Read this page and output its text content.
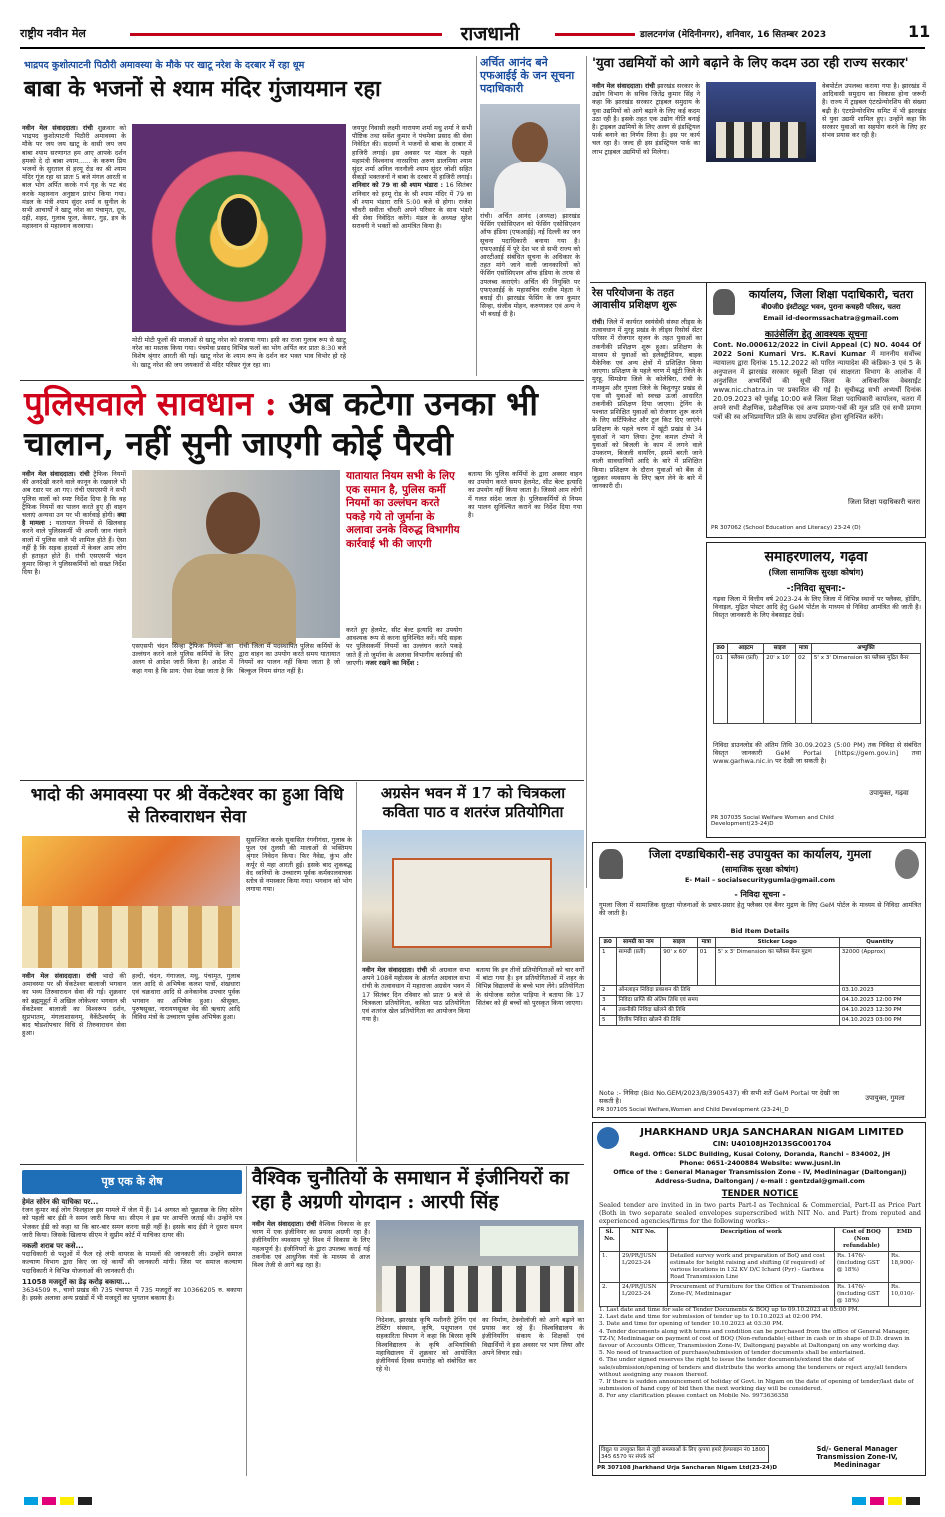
राष्ट्रीय नवीन मेल	राजधानी	डालटनगंज (मेदिनीनगर), शनिवार, 16 सितम्बर 2023	11
भाद्रपद कुशोत्पाटनी पिठौरी अमावस्या के मौके पर खाटू नरेश के दरबार में रहा धूम
बाबा के भजनों से श्याम मंदिर गुंजायमान रहा
नवीन मेल संवाददाता। रांची शुक्रवार को भाद्रपद कुशोत्पाटनी पिठौरी अमावस्या के मौके पर जय जय खाटू के वासी जय जय बाबा श्याम सरणागत हम आए आपके दर्शन हमको दे दो बाबा श्याम...... के करुण प्रिय भजनों के सुरताल से हरमू रोड का श्री श्याम मंदिर गूंज रहा था प्रातः 5 बजे मंगल आरती व बाल भोग अर्पित करके गर्भ गृह के पट बंद करके महास्नान अनुष्ठान प्रारंभ किया गया। मंडल के मंत्री श्याम सुंदर शर्मा व सुनील के सभी आचार्यों ने खाटू नरेश का पंचामृत, दूध, दही, शहद, गुलाब फूल, केसर, गुड़, इत्र के महास्नान से महास्नान करवाया।
मोटी मोटी फूलों की मालाओं से खाटू नरेश को सजाया गया। इसी का राजा गुलाब रूप से खाटू नरेश का मस्तक किया गया। पंचमेवा प्रसाद विभिन्न फलों का भोग अर्पित कर प्रातः 8:30 बजे विशेष श्रृंगार आरती की गई। खाटू नरेश के श्याम रूप के दर्शन कर भक्त भाव विभोर हो रहे थे। खाटू नरेश की जय जयकारों से मंदिर परिसर गूंज रहा था।
जयपुर निवासी लक्ष्मी नारायण शर्मा मधु शर्मा ने सभी पौष्टिक तथा सर्वेश कुमार ने पंचमेवा प्रसाद की सेवा निवेदित की। सदस्यों ने भजनों से बाबा के दरबार में हाजिरी लगाई। इस अवसर पर मंडल के पहले महामंत्री विश्वनाथ नारसरिया अरुण डालमिया श्याम सुंदर शर्मा अनिल नारनौली श्याम सुंदर जोशी सहित सैकड़ों भक्तजनों ने बाबा के दरबार में हाजिरी लगाई। शनिवार को 79 वा श्री श्याम भंडारा : 16 सितंबर शनिवार को हरमू रोड के श्री श्याम मंदिर में 79 वा श्री श्याम भंडारा रात्रि 5:00 बजे से होगा। राजेश चौधरी सवीता चौधरी अपने परिवार के साथ भंडारे की सेवा निवेदित करेंगे। मंडल के अध्यक्ष सुरेश सरावगी ने भक्तों को आमंत्रित किया है।
अर्चित आनंद बने एफआईई के जन सूचना पदाधिकारी
रांची। अर्चित आनंद (अध्यक्ष) झारखंड फेंसिंग एसोसिएशन को फेंसिंग एसोसिएशन ऑफ इंडिया (एफआईई) नई दिल्ली का जन सूचना पदाधिकारी बनाया गया है। एफएआईई में पूरे देश भर से सभी राज्य को आरटीआई संबंधित सूचना के अधिकार के तहत मांगे जाने वाली जानकारियों को फेंसिंग एसोसिएशन ऑफ इंडिया के तरफ से उपलब्ध कराएंगे। अर्चित की नियुक्ति पर एफएआईई के महासचिव राजीव मेहता ने बधाई दी। झारखंड फेंसिंग के जय कुमार सिन्हा, संजीव मोहन, करुणाकर एवं अन्य ने भी बधाई दी है।
'युवा उद्यमियों को आगे बढ़ाने के लिए कदम उठा रही राज्य सरकार'
नवीन मेल संवाददाता। रांची झारखंड सरकार के उद्योग विभाग के सचिव जितेंद्र कुमार सिंह ने कहा कि झारखंड सरकार ट्राइबल समुदाय के युवा उद्यमियों को आगे बढ़ाने के लिए कई कदम उठा रही है। इसके तहत एक उद्योग नीति बनाई है। ट्राइबल उद्यमियों के लिए अलग से इंडस्ट्रियल पार्क बनाने का निर्णय लिया है। इस पर कार्य चल रहा है। जल्द ही इस इंडस्ट्रियल पार्क का लाभ ट्राइबल उद्यमियों को मिलेगा।
वेबपोर्टल उपलब्ध कराया गया है। झारखंड में आदिवासी समुदाय का विकास होना जरूरी है। राज्य में ट्राइबल एंटरप्रेन्योरशिप की संख्या बढ़ी है। एंटरप्रेन्योरशिप समिट में भी झारखंड से युवा उद्यमी शामिल हुए। उन्होंने कहा कि सरकार युवाओं का सहयोग करने के लिए हर संभव प्रयास कर रही है।
रेस परियोजना के तहत आवासीय प्रशिक्षण शुरू
रांची। जिले में कार्यरत स्वयंसेवी संस्था लीड्स के तत्वावधान में मुरहू प्रखंड के लीड्स रिसोर्स सेंटर परिसर में रोजगार सृजन के तहत युवाओं का तकनीकी प्रशिक्षण शुरू हुआ। प्रशिक्षण के माध्यम से युवाओं को इलेक्ट्रीशियन, बाइक मैकेनिक एवं अन्य क्षेत्रों में प्रशिक्षित किया जाएगा। प्रशिक्षण के पहले चरण में खूंटी जिले के मुरहू, सिमडेगा जिले के कोलेबिरा, रांची के नामकुम और गुमला जिले के बिशुनपुर प्रखंड से एक सौ युवाओं को स्वच्छ ऊर्जा आधारित तकनीकी प्रशिक्षण दिया जाएगा। ट्रेनिंग के पश्चात प्रशिक्षित युवाओं को रोजगार शुरू करने के लिए सर्टिफिकेट और टूल किट दिए जाएंगे। प्रशिक्षण के पहले चरण में खूंटी प्रखंड से 34 युवाओं ने भाग लिया। ट्रेनर कमल टोप्पो ने युवाओं को बिजली के काम में लगने वाले उपकरण, बिजली वायरिंग, इसमें बरती जाने वाली सावधानियों आदि के बारे में प्रशिक्षित किया। प्रशिक्षण के दौरान युवाओं को बैंक से जुड़कर व्यवसाय के लिए ऋण लेने के बारे में जानकारी दी।
कार्यालय, जिला शिक्षा पदाधिकारी, चतरा
बी0जी0 इंस्टीट्यूट भवन, पुराना कचहरी परिसर, चतरा
Email id-deormssachatra@gmail.com
काउंसेलिंग हेतु आवश्यक सूचना
Cont. No.000612/2022 in Civil Appeal (C) NO. 4044 Of 2022 Soni Kumari Vrs. K.Ravi Kumar में माननीय सर्वोच्च न्यायालय द्वारा दिनांक 15.12.2022 को पारित न्यायादेश की कंडिका-3 एवं 5 के अनुपालन में झारखंड सरकार स्कूली शिक्षा एवं साक्षरता विभाग के आलोक में अनुशंसित अभ्यर्थियों की सूची जिला के अधिकारिक वेबसाईट www.nic.chatra.in पर प्रकाशित की गई है। सूचीबद्ध सभी अभ्यर्थी दिनांक 20.09.2023 को पूर्वाह्न 10:00 बजे जिला शिक्षा पदाधिकारी कार्यालय, चतरा में अपने सभी शैक्षणिक, प्रशैक्षणिक एवं अन्य प्रमाण-पत्रों की मूल प्रति एवं सभी प्रमाण पत्रों की स्व अभिप्रमाणित प्रति के साथ उपस्थित होना सुनिश्चित करेंगे।
जिला शिक्षा पदाधिकारी चतरा
PR 307062 (School Education and Literacy) 23-24 (D)
समाहरणालय, गढ़वा
(जिला सामाजिक सुरक्षा कोषांग)
-:निविदा सूचना:-
गढ़वा जिला में वित्तीय वर्ष 2023-24 के लिए जिला में विभिन्न स्थानों पर फ्लैक्स, होर्डिंग, विनाइल, मुद्रित पोस्टर आदि हेतु GeM पोर्टल के माध्यम से निविदा आमंत्रित की जाती है। विस्तृत जानकारी के लिए वेबसाइट देखें।
क्र0	आइटम	साइज	मात्रा	अभ्युक्ति
01	फ्लैक्स (प्रती)	20' x 10'	02	5' x 3' Dimension का फ्लैक्स मुद्रित बैनर
निविदा डाउनलोड की अंतिम तिथि 30.09.2023 (5:00 PM) तक निविदा से संबंधित विस्तृत जानकारी GeM Portal [https://gem.gov.in] तथा www.garhwa.nic.in पर देखी जा सकती है।
उपायुक्त, गढ़वा
PR 307035 Social Welfare Women and Child Development(23-24)D
पुलिसवाले सावधान : अब कटेगा उनका भी चालान, नहीं सुनी जाएगी कोई पैरवी
नवीन मेल संवाददाता। रांची ट्रैफिक नियमों की अनदेखी करने वाले कानून के रखवाले भी अब रडार पर आ गए। रांची एसएसपी ने सभी पुलिस वालों को स्पष्ट निर्देश दिया है कि वह ट्रैफिक नियमों का पालन करते हुए ही वाहन चलाएं अन्यथा उन पर भी कार्रवाई होगी। क्या है मामला : यातायात नियमों से खिलवाड़ करने वाले पुलिसकर्मी भी अपनी जान गंवाने वालों में पुलिस वाले भी शामिल होते हैं। ऐसा नहीं है कि सड़क हादसों में केवल आम लोग ही हताहत होते हैं। रांची एसएसपी चंदन कुमार सिन्हा ने पुलिसकर्मियों को सख्त निर्देश दिया है।
एसएसपी चंदन सिन्हा ट्रैफिक नियमों का उल्लंघन करने वाले पुलिस कर्मियों के लिए अलग से आदेश जारी किया है। आदेश में कहा गया है कि प्राय: ऐसा देखा जाता है कि रांची जिला में पदस्थापित पुलिस कर्मियों के द्वारा वाहन का उपयोग करते समय यातायात नियमों का पालन नहीं किया जाता है जो बिल्कुल नियम संगत नहीं है।
यातायात नियम सभी के लिए एक समान है, पुलिस कर्मी नियमों का उल्लंघन करते पकड़े गये तो जुर्माना के अलावा उनके विरुद्ध विभागीय कार्रवाई भी की जाएगी
करते हुए हेलमेट, सीट बेल्ट इत्यादि का उपयोग आवश्यक रूप से करना सुनिश्चित करें। यदि सड़क पर पुलिसकर्मी नियमों का उल्लंघन करते पकड़े जाते हैं तो जुर्माना के अलावा विभागीय कार्रवाई की जाएगी। नजर रखने का निर्देश :
बताया कि पुलिस कर्मियों के द्वारा अक्सर वाहन का उपयोग करते समय हेलमेट, सीट बेल्ट इत्यादि का उपयोग नहीं किया जाता है। जिससे आम लोगों में गलत संदेश जाता है। पुलिसकर्मियों से नियम का पालन सुनिश्चित कराने का निर्देश दिया गया है।
भादो की अमावस्या पर श्री वेंकटेश्वर का हुआ विधि से तिरुवाराधन सेवा
नवीन मेल संवाददाता। रांची भादो की अमावस्या पर श्री वेंकटेश्वर बालाजी भगवान का भव्य तिरुवाराधन सेवा की गई। शुक्रवार को ब्रह्ममुहूर्त में अखिल लोकेश्वर भगवान श्री वेंकटेश्वर बालाजी का विश्वरूप दर्शन, सुप्रभातम्, मंगलाशासनम्, वैकेंठैश्वर्यम् के बाद षोडशोपचार विधि से तिरुवाराधन सेवा हुआ।
हल्दी, चंदन, गंगाजल, मधु, पंचामृत, गुलाब जल आदि से अभिषेक कलश पात्रों, शंखधारा एवं चक्रधारा आदि से अनेकानेक उपचार पूर्वक भगवान का अभिषेक हुआ। श्रीसूक्त, पुरुषसूक्त, नारायणसूक्त वेद की ऋचाएं आदि विविध मंत्रों के उच्चारण पूर्वक अभिषेक हुआ।
सुसज्जित करके सुवासित रंगनीगंधा, गुलाब के फूल एवं तुलसी की मालाओं से भक्तिमय श्रृंगार निवेदन किया। फिर नैवेद्य, कुंभ और कर्पूर से महा आरती हुई। इसके बाद शुकबद्ध वेद ध्वनियों के उच्चारण पूर्वक कर्मकालवाचक स्तोत्र से नमस्कार किया गया। भगवान को भोग लगाया गया।
अग्रसेन भवन में 17 को चित्रकला कविता पाठ व शतरंज प्रतियोगिता
नवीन मेल संवाददाता। रांची श्री अग्रवाल सभा अपने 108वें महोत्सव के अंतर्गत अग्रवाल सभा रांची के तत्वावधान में महाराजा अग्रसेन भवन में 17 सितंबर दिन रविवार को प्रातः 9 बजे से चित्रकला प्रतियोगिता, कविता पाठ प्रतियोगिता एवं शतरंज खेल प्रतियोगिता का आयोजन किया गया है।
बताया कि इन तीनों प्रतियोगिताओं को चार वर्गों में बांटा गया है। इन प्रतियोगिताओं में शहर के विभिन्न विद्यालयों के बच्चे भाग लेंगे। प्रतियोगिता के संयोजक सरोज पाड़िया ने बताया कि 17 सितंबर को ही बच्चों को पुरस्कृत किया जाएगा।
जिला दण्डाधिकारी-सह उपायुक्त का कार्यालय, गुमला
(सामाजिक सुरक्षा कोषांग)
E- Mail – socialsecuritygumla@gmail.com
- निविदा सूचना -
गुमला जिला में सामाजिक सुरक्षा योजनाओं के प्रचार-प्रसार हेतु फ्लैक्स एवं बैनर मुद्रण के लिए GeM पोर्टल के माध्यम से निविदा आमंत्रित की जाती है।
Bid Item Details
क्र0	सामग्री का नाम	साइज	मात्रा	Sticker Logo	Quantity
1	सामग्री (प्रती)	90' x 60'	01	5' x 3' Dimension का फ्लैक्स बैनर मुद्रण	32000 (Approx)
2	ऑनलाइन निविदा प्रकाशन की तिथि				03.10.2023
3	निविदा प्राप्ति की अंतिम तिथि एवं समय				04.10.2023 12:00 PM
4	तकनीकी निविदा खोलने की तिथि				04.10.2023 12:30 PM
5	वित्तीय निविदा खोलने की तिथि				04.10.2023 03:00 PM
Note :- निविदा (Bid No.GEM/2023/B/3905437) की सभी शर्तें GeM Portal पर देखी जा सकती है।	उपायुक्त, गुमला
PR 307105 Social Welfare,Women and Child Development (23-24)_D
पृष्ठ एक के शेष
हेमंत सोरेन की याचिका पर...
रंजन कुमार कई लोग फिलहाल इस मामले में जेल में हैं। 14 अगस्त को पूछताछ के लिए सोरेन को पहली बार ईडी ने समन जारी किया था। सीएम ने इस पर आपत्ति जताई थी। उन्होंने पत्र भेजकर ईडी को कहा था कि बार-बार समन करना सही नहीं है। इसके बाद ईडी ने दूसरा समन जारी किया। जिसके खिलाफ सीएम ने सुप्रीम कोर्ट में याचिका दायर की।
नकली शराब पर कसे...
पदाधिकारी से पशुओं में फैल रहे लंपी वायरस के मामलों की जानकारी ली। उन्होंने समाज कल्याण विभाग द्वारा किए जा रहे कार्यों की जानकारी मांगी। जिस पर समाज कल्याण पदाधिकारी ने विभिन्न योजनाओं की जानकारी दी।
11058 मजदूरों का डेढ़ करोड़ बकाया...
3634509 रु., चानो प्रखंड की 735 पंचायत में 735 मजदूरों का 10366205 रु. बकाया है। इसके अलावा अन्य प्रखंडों में भी मजदूरों का भुगतान बकाया है।
वैश्विक चुनौतियों के समाधान में इंजीनियरों का रहा है अग्रणी योगदान : आरपी सिंह
नवीन मेल संवाददाता। रांची वैश्विक विकास के हर चरण में एक इंजीनियर का प्रयास अग्रणी रहा है। इंजीनियरिंग व्यवसाय पूरे विश्व में विकास के लिए महत्वपूर्ण है। इंजीनियरों के द्वारा उपलब्ध कराई गई तकनीक एवं आधुनिक यंत्रों के माध्यम से आज विश्व तेजी से आगे बढ़ रहा है।
निदेशक, झारखंड कृषि मशीनरी ट्रेनिंग एवं टेस्टिंग संस्थान, कृषि, पशुपालन एवं सहकारिता विभाग ने कहा कि बिरसा कृषि विश्वविद्यालय के कृषि अभियांत्रिकी महाविद्यालय में शुक्रवार को आयोजित इंजीनियर्स दिवस समारोह को संबोधित कर रहे थे।
का निर्माण, टेक्नोलॉजी को आगे बढ़ाने का प्रयास कर रहे हैं। विश्वविद्यालय के इंजीनियरिंग संकाय के शिक्षकों एवं विद्यार्थियों ने इस अवसर पर भाग लिया और अपने विचार रखे।
JHARKHAND URJA SANCHARAN NIGAM LIMITED
CIN: U40108JH2013SGC001704
Regd. Office: SLDC Building, Kusai Colony, Doranda, Ranchi – 834002, JH
Phone: 0651-2400884 Website: www.jusnl.in
Office of the : General Manager Transmission Zone - IV, Medininagar (Daltonganj)
Address-Sudna, Daltonganj / e-mail : gentzdal@gmail.com
TENDER NOTICE
Sealed tender are invited in in two parts Part-I as Technical & Commercial, Part-II as Price Part (Both in two separate sealed envelopes superscribed with NIT No. and Part) from reputed and experienced agencies/firms for the following works:-
Sl. No.	NIT No.	Description of work	Cost of BOQ (Non refundable)	EMD
1.	29/PR/JUSN L/2023-24	Detailed survey work and preparation of BoQ and cost estimate for height raising and shifting (if required) of various locations in 132 KV D/C Ichard (Pyr) - Garhwa Road Transmission Line	Rs. 1476/- (including GST @ 18%)	Rs. 18,900/-
2.	24/PR/JUSN L/2023-24	Procurement of Furniture for the Office of Transmission Zone-IV, Medininagar	Rs. 1476/- (including GST @ 18%)	Rs. 10,010/-
1. Last date and time for sale of Tender Documents & BOQ up to 09.10.2023 at 05:00 PM.
2. Last date and time for submission of tender up to 10.10.2023 at 02:00 PM.
3. Date and time for opening of tender 10.10.2023 at 03:30 PM.
4. Tender documents along with terms and condition can be purchased from the office of General Manager, TZ-IV, Medininagar on payment of cost of BOQ (Non-refundable) either in cash or in shape of D.D. drawn in favour of Accounts Officer, Transmission Zone-IV, Daltonganj payable at Daltonganj on any working day.
5. No need of transaction of purchase/submission of tender documents shall be entertained.
6. The under signed reserves the right to issue the tender documents/extend the date of sale/submission/opening of tenders and distribute the works among the tenderers or reject any/all tenders without assigning any reason thereof.
7. If there is sudden announcement of holiday of Govt. in Nigam on the date of opening of tender/last date of submission of hand copy of bid then the next working day will be considered.
8. For any clarification please contact on Mobile No. 9973636358
विद्युत या उपयुक्त बिल से जुड़ी समस्याओं के लिए कृपया हमारे हेल्पलाइन नं0 1800 345 6570 पर संपर्क करें
Sd/- General Manager Transmission Zone-IV, Medininagar
PR 307108 Jharkhand Urja Sancharan Nigam Ltd(23-24)D
